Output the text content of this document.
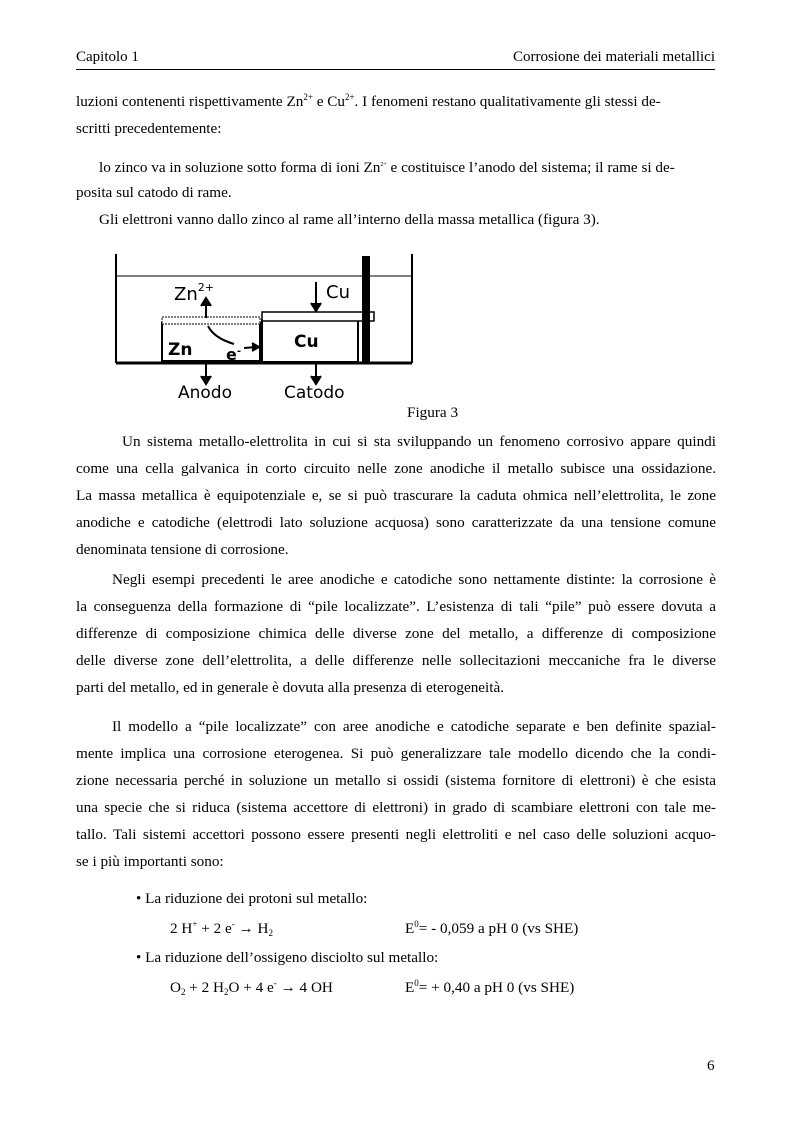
Capitolo 1	Corrosione dei materiali metallici
luzioni contenenti rispettivamente $Zn^{2+}$ e $Cu^{2+}$. I fenomeni restano qualitativamente gli stessi de-
scritti precedentemente:
lo zinco va in soluzione sotto forma di ioni $Zn^{2+}$ e costituisce l’anodo del sistema; il rame si de-
posita sul catodo di rame.
Gli elettroni vanno dallo zinco al rame all’interno della massa metallica (figura 3).
$Zn^{2+}$	Cu
Zn e-	Cu
Anodo	Catodo
Figura 3
Un sistema metallo-elettrolita in cui si sta sviluppando un fenomeno corrosivo appare quindi
come una cella galvanica in corto circuito nelle zone anodiche il metallo subisce una ossidazione.
La massa metallica è equipotenziale e, se si può trascurare la caduta ohmica nell’elettrolita, le zone
anodiche e catodiche (elettrodi lato soluzione acquosa) sono caratterizzate da una tensione comune
denominata tensione di corrosione.
Negli esempi precedenti le aree anodiche e catodiche sono nettamente distinte: la corrosione è
la conseguenza della formazione di “pile localizzate”. L’esistenza di tali “pile” può essere dovuta a
differenze di composizione chimica delle diverse zone del metallo, a differenze di composizione
delle diverse zone dell’elettrolita, a delle differenze nelle sollecitazioni meccaniche fra le diverse
parti del metallo, ed in generale è dovuta alla presenza di eterogeneità.
Il modello a “pile localizzate” con aree anodiche e catodiche separate e ben definite spazial-
mente implica una corrosione eterogenea. Si può generalizzare tale modello dicendo che la condi-
zione necessaria perché in soluzione un metallo si ossidi (sistema fornitore di elettroni) è che esista
una specie che si riduca (sistema accettore di elettroni) in grado di scambiare elettroni con tale me-
tallo. Tali sistemi accettori possono essere presenti negli elettroliti e nel caso delle soluzioni acquo-
se i più importanti sono:
• La riduzione dei protoni sul metallo:
2 H+ + 2 $e^- \to H_2$	$E^0= - 0,059$ a pH 0 (vs SHE)
• La riduzione dell’ossigeno disciolto sul metallo:
$O_2 + 2$ $H_2O + 4$ e- → 4 OH	$E^0= + 0,40$ a pH 0 (vs SHE)
6
